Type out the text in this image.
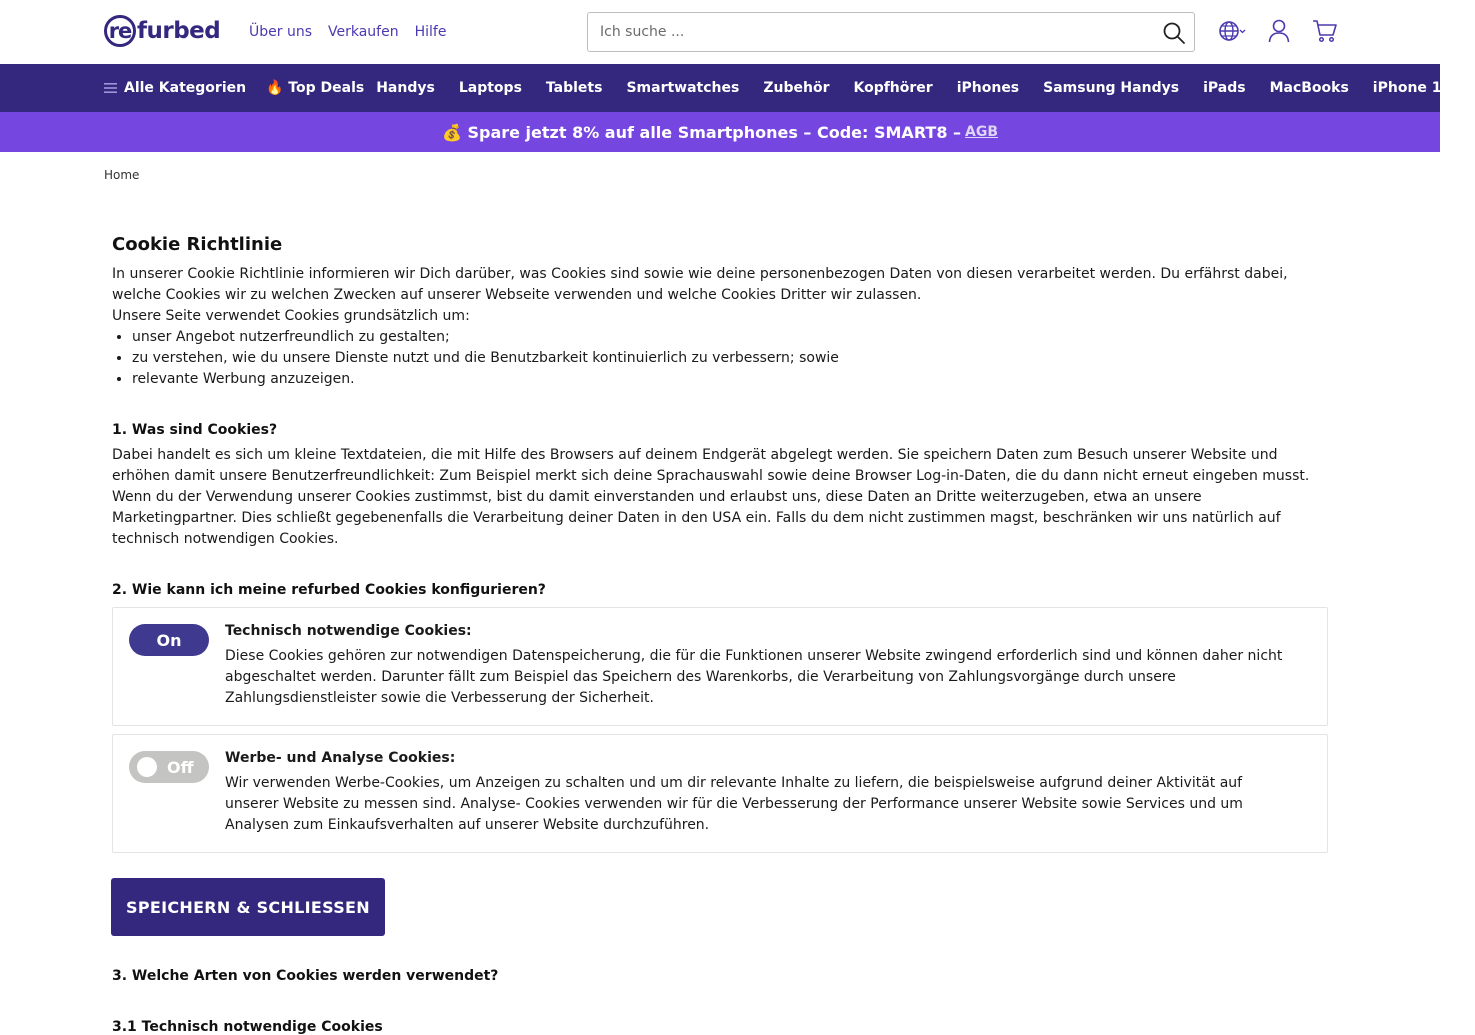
re furbed Über uns Verkaufen Hilfe
Ich suche ...
Alle Kategorien 🔥 Top Deals Handys Laptops Tablets Smartwatches Zubehör Kopfhörer iPhones Samsung Handys iPads MacBooks iPhone 13
💰 Spare jetzt 8% auf alle Smartphones – Code: SMART8 – AGB
Home
Cookie Richtlinie

In unserer Cookie Richtlinie informieren wir Dich darüber, was Cookies sind sowie wie deine personenbezogen Daten von diesen verarbeitet werden. Du erfährst dabei, welche Cookies wir zu welchen Zwecken auf unserer Webseite verwenden und welche Cookies Dritter wir zulassen.

Unsere Seite verwendet Cookies grundsätzlich um:

• unser Angebot nutzerfreundlich zu gestalten;
• zu verstehen, wie du unsere Dienste nutzt und die Benutzbarkeit kontinuierlich zu verbessern; sowie
• relevante Werbung anzuzeigen.
1. Was sind Cookies?

Dabei handelt es sich um kleine Textdateien, die mit Hilfe des Browsers auf deinem Endgerät abgelegt werden. Sie speichern Daten zum Besuch unserer Website und erhöhen damit unsere Benutzerfreundlichkeit: Zum Beispiel merkt sich deine Sprachauswahl sowie deine Browser Log-in-Daten, die du dann nicht erneut eingeben musst. Wenn du der Verwendung unserer Cookies zustimmst, bist du damit einverstanden und erlaubst uns, diese Daten an Dritte weiterzugeben, etwa an unsere Marketingpartner. Dies schließt gegebenenfalls die Verarbeitung deiner Daten in den USA ein. Falls du dem nicht zustimmen magst, beschränken wir uns natürlich auf technisch notwendigen Cookies.

2. Wie kann ich meine refurbed Cookies konfigurieren?
On	Technisch notwendige Cookies:

Diese Cookies gehören zur notwendigen Datenspeicherung, die für die Funktionen unserer Website zwingend erforderlich sind und können daher nicht abgeschaltet werden. Darunter fällt zum Beispiel das Speichern des Warenkorbs, die Verarbeitung von Zahlungsvorgänge durch unsere Zahlungsdienstleister sowie die Verbesserung der Sicherheit.

Off Werbe- und Analyse Cookies:

Wir verwenden Werbe-Cookies, um Anzeigen zu schalten und um dir relevante Inhalte zu liefern, die beispielsweise aufgrund deiner Aktivität auf unserer Website zu messen sind. Analyse- Cookies verwenden wir für die Verbesserung der Performance unserer Website sowie Services und um Analysen zum Einkaufsverhalten auf unserer Website durchzuführen.

SPEICHERN & SCHLIESSEN
3. Welche Arten von Cookies werden verwendet?
3.1 Technisch notwendige Cookies
